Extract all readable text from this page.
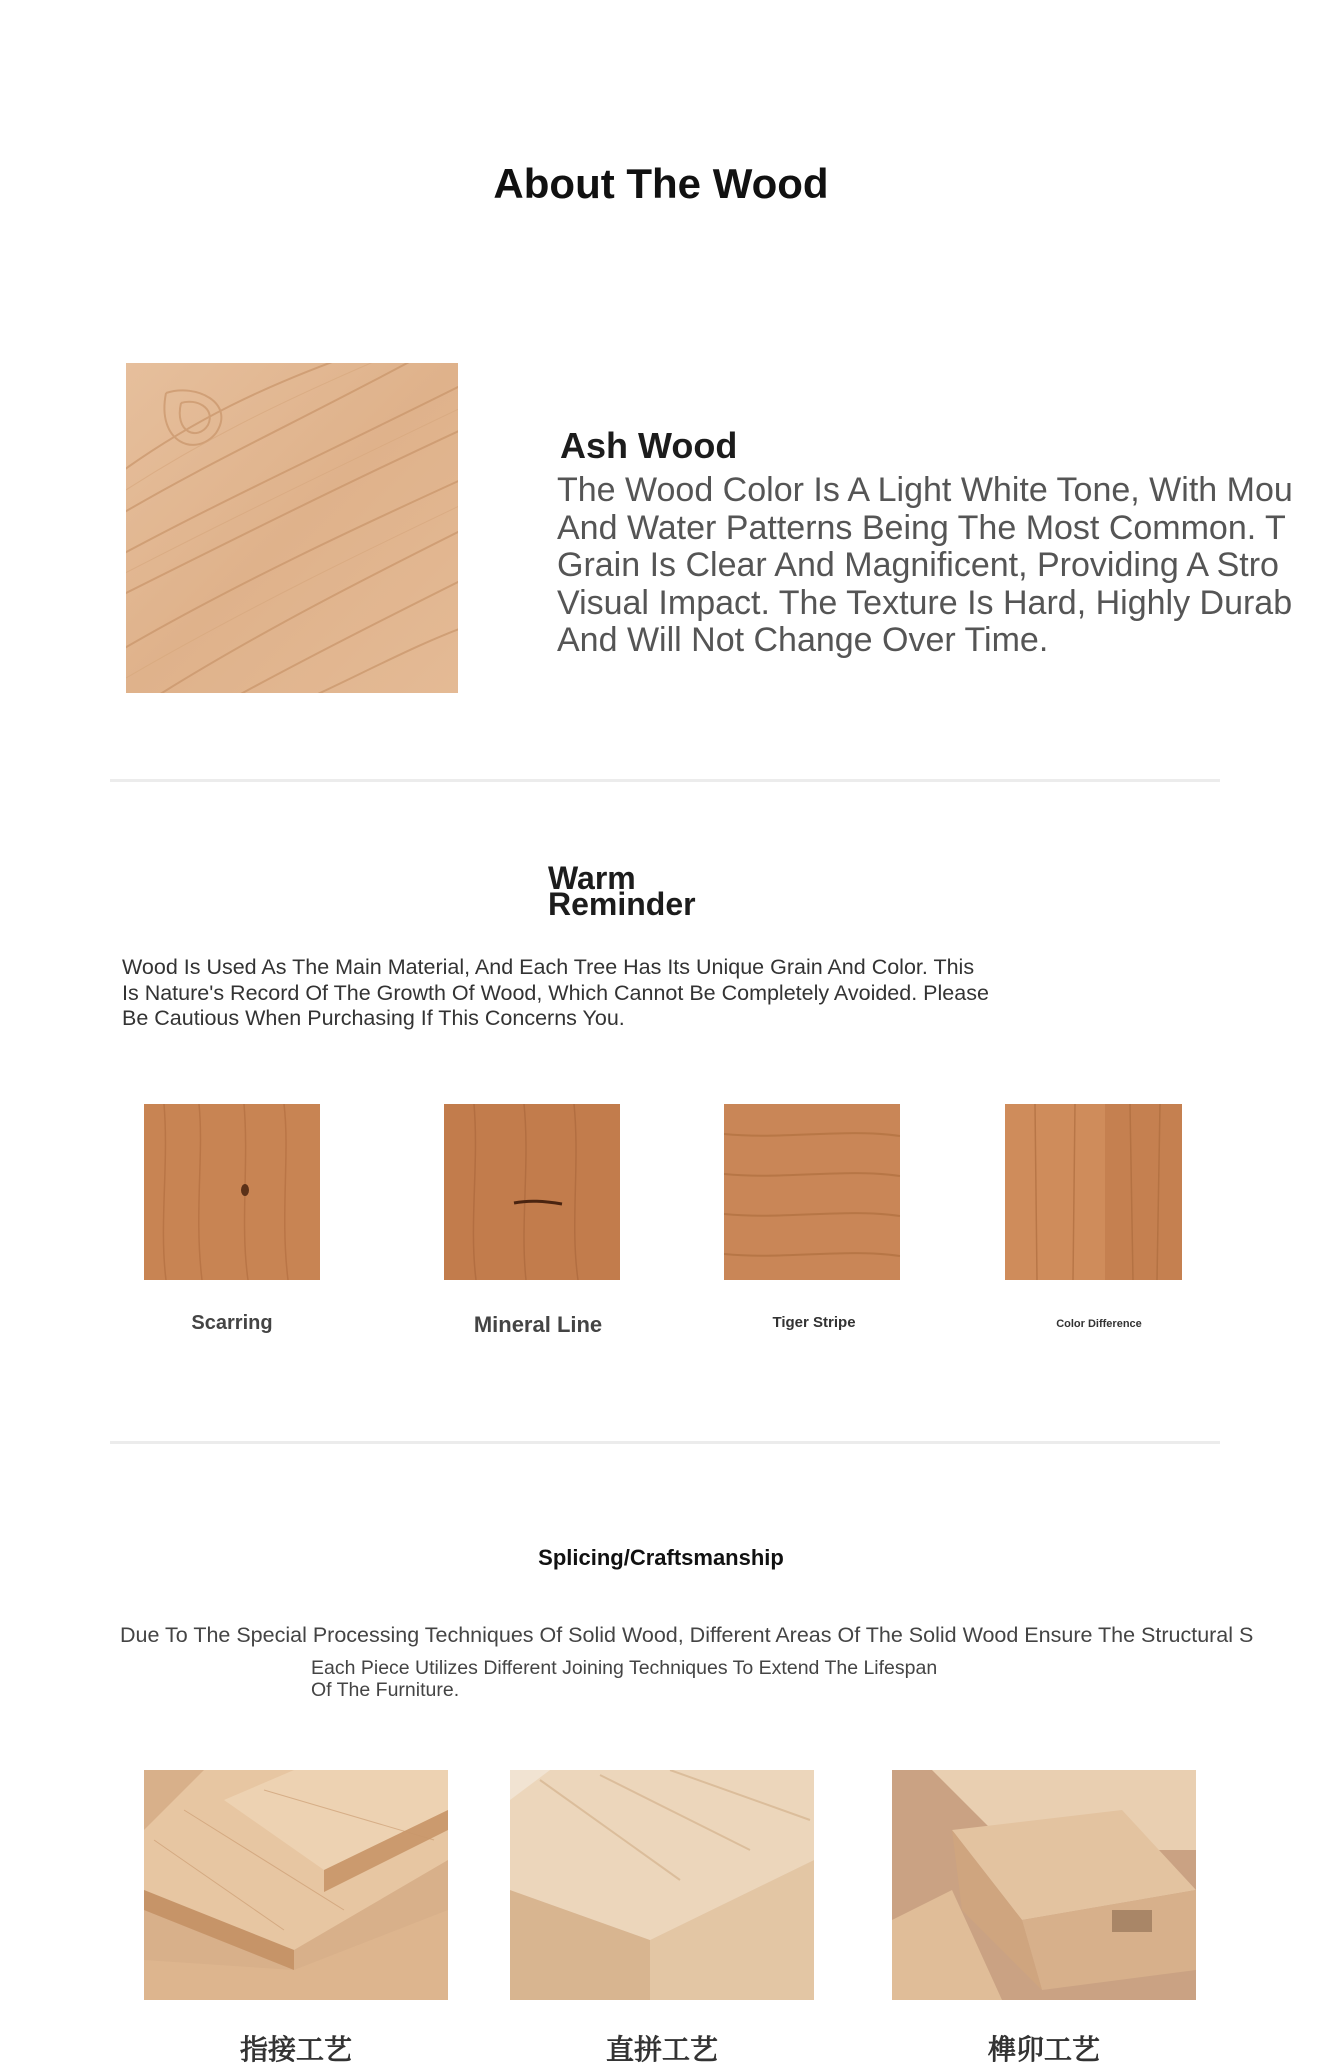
About The Wood
Ash Wood
The Wood Color Is A Light White Tone, With Mou
And Water Patterns Being The Most Common. T
Grain Is Clear And Magnificent, Providing A Stro
Visual Impact. The Texture Is Hard, Highly Durab
And Will Not Change Over Time.
Warm
Reminder
Wood Is Used As The Main Material, And Each Tree Has Its Unique Grain And Color. This
Is Nature's Record Of The Growth Of Wood, Which Cannot Be Completely Avoided. Please
Be Cautious When Purchasing If This Concerns You.
Scarring	Mineral Line	Tiger Stripe	Color Difference
Splicing/Craftsmanship
Due To The Special Processing Techniques Of Solid Wood, Different Areas Of The Solid Wood Ensure The Structural S
Each Piece Utilizes Different Joining Techniques To Extend The Lifespan
Of The Furniture.
指接工艺	直拼工艺	榫卯工艺
